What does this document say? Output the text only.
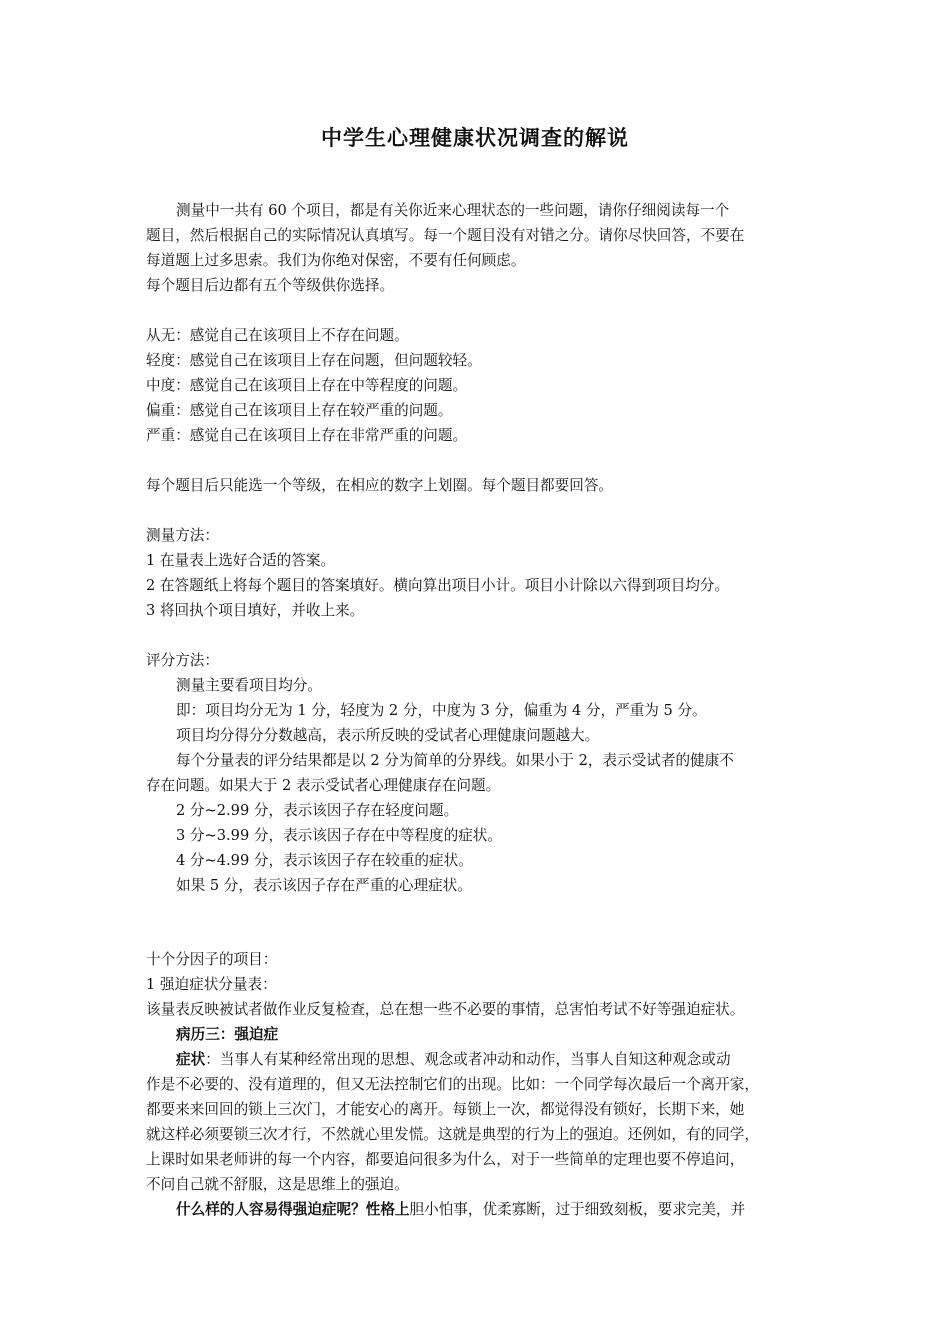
中学生心理健康状况调查的解说
测量中一共有 60 个项目，都是有关你近来心理状态的一些问题，请你仔细阅读每一个
题目，然后根据自己的实际情况认真填写。每一个题目没有对错之分。请你尽快回答，不要在
每道题上过多思索。我们为你绝对保密，不要有任何顾虑。
每个题目后边都有五个等级供你选择。
从无：感觉自己在该项目上不存在问题。
轻度：感觉自己在该项目上存在问题，但问题较轻。
中度：感觉自己在该项目上存在中等程度的问题。
偏重：感觉自己在该项目上存在较严重的问题。
严重：感觉自己在该项目上存在非常严重的问题。
每个题目后只能选一个等级，在相应的数字上划圈。每个题目都要回答。
测量方法：
1 在量表上选好合适的答案。
2 在答题纸上将每个题目的答案填好。横向算出项目小计。项目小计除以六得到项目均分。
3 将回执个项目填好，并收上来。
评分方法：
测量主要看项目均分。
即：项目均分无为 1 分，轻度为 2 分，中度为 3 分，偏重为 4 分，严重为 5 分。
项目均分得分分数越高，表示所反映的受试者心理健康问题越大。
每个分量表的评分结果都是以 2 分为简单的分界线。如果小于 2，表示受试者的健康不
存在问题。如果大于 2 表示受试者心理健康存在问题。
2 分~2.99 分，表示该因子存在轻度问题。
3 分~3.99 分，表示该因子存在中等程度的症状。
4 分~4.99 分，表示该因子存在较重的症状。
如果 5 分，表示该因子存在严重的心理症状。
十个分因子的项目：
1 强迫症状分量表：
该量表反映被试者做作业反复检查，总在想一些不必要的事情，总害怕考试不好等强迫症状。
病历三：强迫症
症状：当事人有某种经常出现的思想、观念或者冲动和动作，当事人自知这种观念或动
作是不必要的、没有道理的，但又无法控制它们的出现。比如：一个同学每次最后一个离开家，
都要来来回回的锁上三次门，才能安心的离开。每锁上一次，都觉得没有锁好，长期下来，她
就这样必须要锁三次才行，不然就心里发慌。这就是典型的行为上的强迫。还例如，有的同学，
上课时如果老师讲的每一个内容，都要追问很多为什么，对于一些简单的定理也要不停追问，
不问自己就不舒服，这是思维上的强迫。
什么样的人容易得强迫症呢？性格上胆小怕事，优柔寡断，过于细致刻板，要求完美，并
